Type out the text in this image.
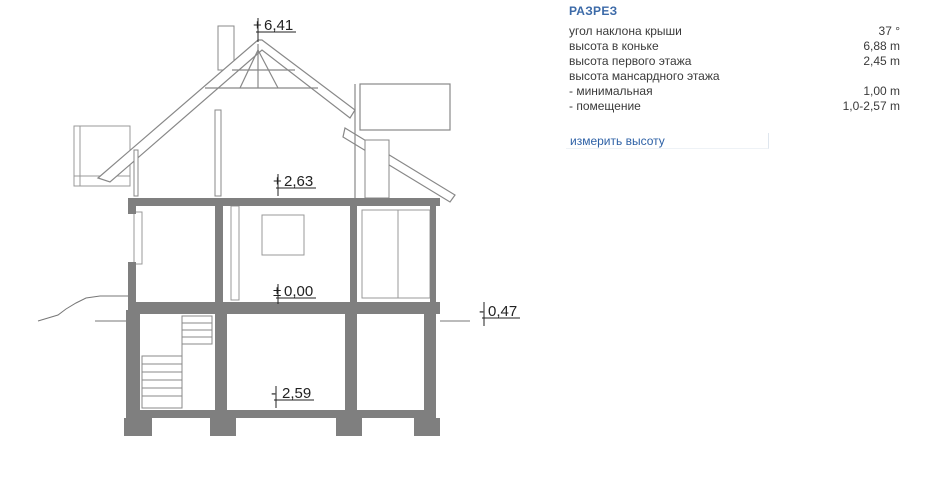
+ 6,41
+ 2,63
± 0,00
- 0,47
- 2,59
РАЗРЕЗ
угол наклона крыши	37 °
высота в коньке	6,88 m
высота первого этажа	2,45 m
высота мансардного этажа
- минимальная	1,00 m
- помещение	1,0-2,57 m
измерить высоту
